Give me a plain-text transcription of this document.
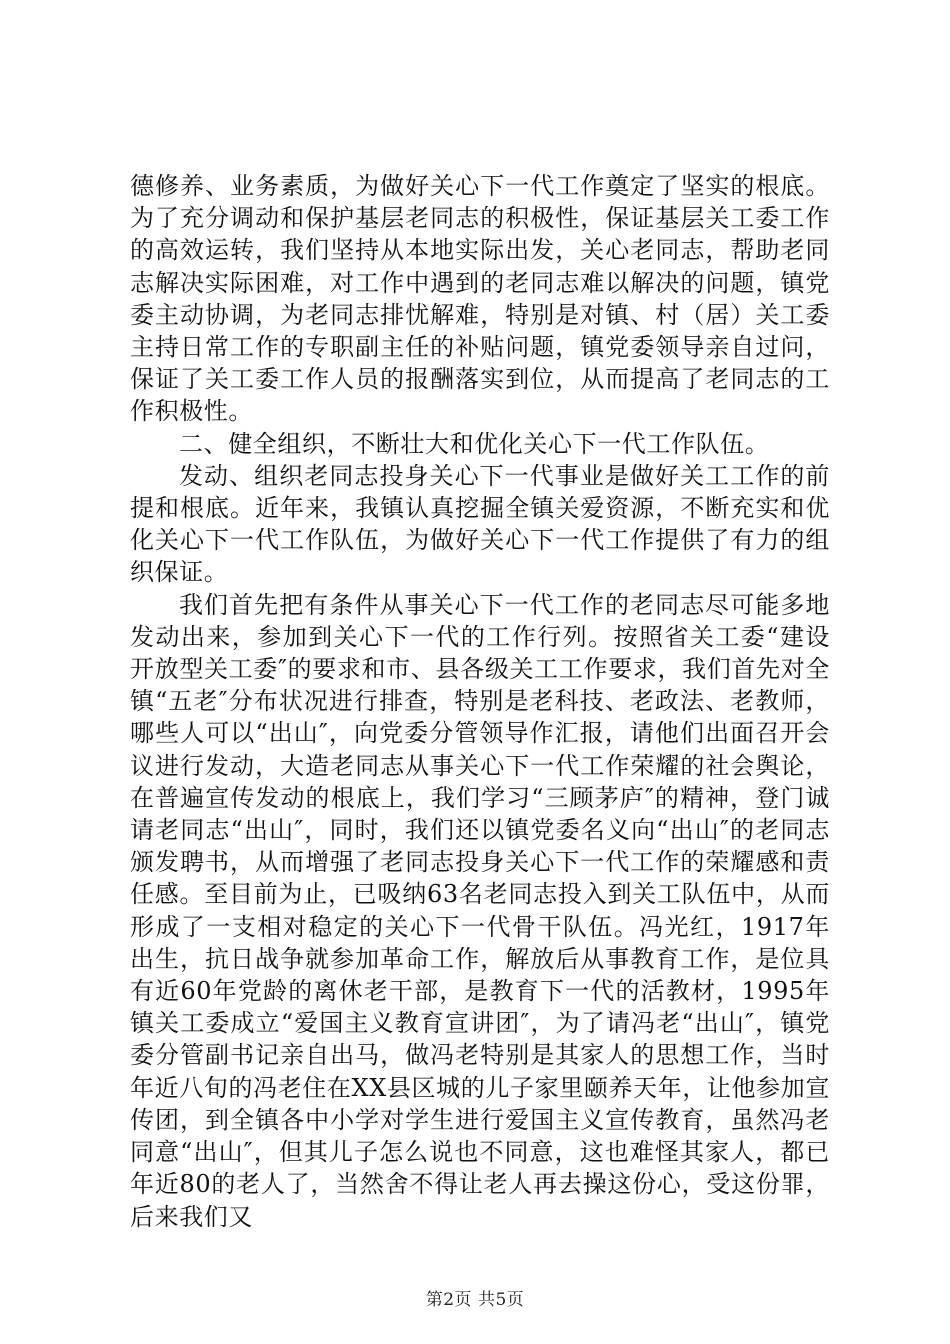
德修养、业务素质，为做好关心下一代工作奠定了坚实的根底。为了充分调动和保护基层老同志的积极性，保证基层关工委工作的高效运转，我们坚持从本地实际出发，关心老同志，帮助老同志解决实际困难，对工作中遇到的老同志难以解决的问题，镇党委主动协调，为老同志排忧解难，特别是对镇、村（居）关工委主持日常工作的专职副主任的补贴问题，镇党委领导亲自过问，保证了关工委工作人员的报酬落实到位，从而提高了老同志的工作积极性。

二、健全组织，不断壮大和优化关心下一代工作队伍。

发动、组织老同志投身关心下一代事业是做好关工工作的前提和根底。近年来，我镇认真挖掘全镇关爱资源，不断充实和优化关心下一代工作队伍，为做好关心下一代工作提供了有力的组织保证。

我们首先把有条件从事关心下一代工作的老同志尽可能多地发动出来，参加到关心下一代的工作行列。按照省关工委“建设开放型关工委″的要求和市、县各级关工工作要求，我们首先对全镇“五老″分布状况进行排查，特别是老科技、老政法、老教师，哪些人可以“出山″，向党委分管领导作汇报，请他们出面召开会议进行发动，大造老同志从事关心下一代工作荣耀的社会舆论，在普遍宣传发动的根底上，我们学习“三顾茅庐″的精神，登门诚请老同志“出山″，同时，我们还以镇党委名义向“出山″的老同志颁发聘书，从而增强了老同志投身关心下一代工作的荣耀感和责任感。至目前为止，已吸纳63名老同志投入到关工队伍中，从而形成了一支相对稳定的关心下一代骨干队伍。冯光红，1917年出生，抗日战争就参加革命工作，解放后从事教育工作，是位具有近60年党龄的离休老干部，是教育下一代的活教材，1995年镇关工委成立“爱国主义教育宣讲团″，为了请冯老“出山″，镇党委分管副书记亲自出马，做冯老特别是其家人的思想工作，当时年近八旬的冯老住在XX县区城的儿子家里颐养天年，让他参加宣传团，到全镇各中小学对学生进行爱国主义宣传教育，虽然冯老同意“出山″，但其儿子怎么说也不同意，这也难怪其家人，都已年近80的老人了，当然舍不得让老人再去操这份心，受这份罪，后来我们又

第2页 共5页
